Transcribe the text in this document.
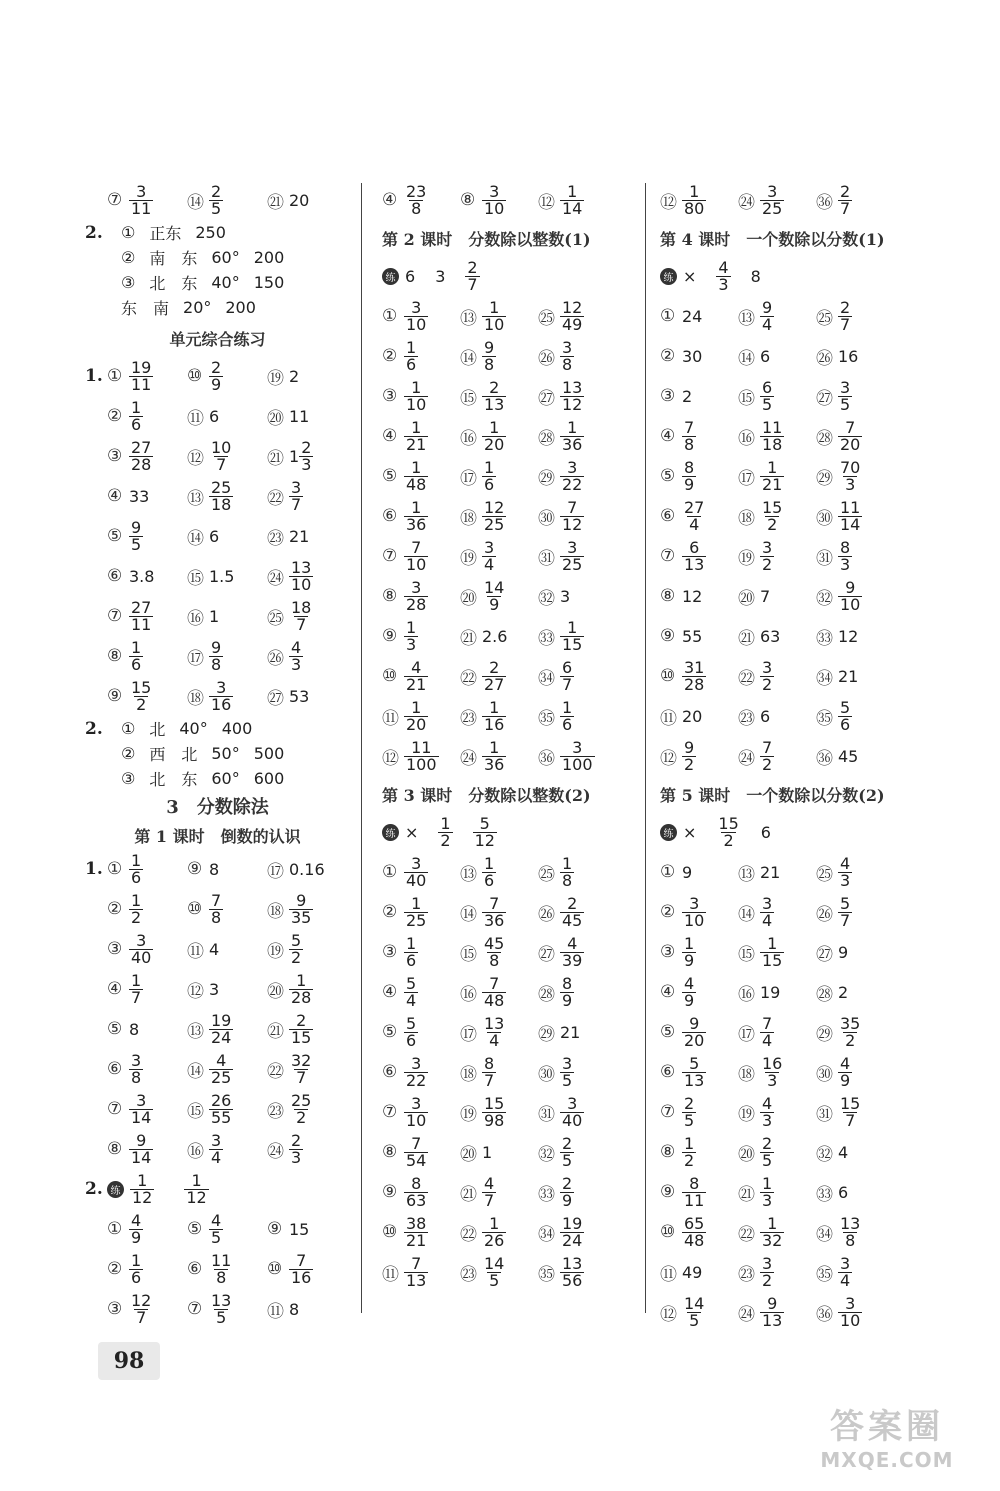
⑦ $\frac{3}{11}$ ⑭ $\frac{2}{5}$	㉑ 20
2. ① 正东 250
② 南　东 60° 200
③ 北　东 40° 150
东　南 20° 200
单元综合练习
1. ① $\frac{19}{11}$ ⑩ $\frac{2}{9}$	⑲ 2
② $\frac{1}{6}$	⑪ 6	⑳ 11
③ $\frac{27}{28}$ ⑫ $\frac{10}{7}$ ㉑ $1 \frac{2}{3}$
④ 33 ⑬ $\frac{25}{18}$ ㉒ $\frac{3}{7}$
⑤ $\frac{9}{5}$	⑭ 6	㉓ 21
⑥ 3.8 ⑮ 1.5 ㉔ $\frac{13}{10}$
⑦ $\frac{27}{11}$ ⑯ 1	㉕ $\frac{18}{7}$
⑧ $\frac{1}{6}$	⑰ $\frac{9}{8}$	㉖ $\frac{4}{3}$
⑨ $\frac{15}{2}$ ⑱ $\frac{3}{16}$ ㉗ 53
2. ① 北 40° 400
② 西　北 50° 500
③ 北　东 60° 600
3　分数除法
第 1 课时　倒数的认识
1. ① $\frac{1}{6}$	⑨ 8	⑰ 0.16
② $\frac{1}{2}$	⑩ $\frac{7}{8}$	⑱ $\frac{9}{35}$
③ $\frac{3}{40}$ ⑪ 4	⑲ $\frac{5}{2}$
④ $\frac{1}{7}$	⑫ 3	⑳ $\frac{1}{28}$
⑤ 8	⑬ $\frac{19}{24}$ ㉑ $\frac{2}{15}$
⑥ $\frac{3}{8}$	⑭ $\frac{4}{25}$ ㉒ $\frac{32}{7}$
⑦ $\frac{3}{14}$ ⑮ $\frac{26}{55}$ ㉓ $\frac{25}{2}$
⑧ $\frac{9}{14}$ ⑯ $\frac{3}{4}$	㉔ $\frac{2}{3}$
2. 练 $\frac{1}{12} \frac{1}{12}$
① $\frac{4}{9}$	⑤ $\frac{4}{5}$	⑨ 15
② $\frac{1}{6}$	⑥ $\frac{11}{8}$ ⑩ $\frac{7}{16}$
③ $\frac{12}{7}$ ⑦ $\frac{13}{5}$ ⑪ 8
④ $\frac{23}{8}$ ⑧ $\frac{3}{10}$ ⑫ $\frac{1}{14}$
第 2 课时　分数除以整数(1)
练 6 $3 \frac{2}{7}$
① $\frac{3}{10}$ ⑬ $\frac{1}{10}$ ㉕ $\frac{12}{49}$
② $\frac{1}{6}$ ⑭ $\frac{9}{8}$ ㉖ $\frac{3}{8}$
③ $\frac{1}{10}$ ⑮ $\frac{2}{13}$ ㉗ $\frac{13}{12}$
④ $\frac{1}{21}$ ⑯ $\frac{1}{20}$ ㉘ $\frac{1}{36}$
⑤ $\frac{1}{48}$ ⑰ $\frac{1}{6}$ ㉙ $\frac{3}{22}$
⑥ $\frac{1}{36}$ ⑱ $\frac{12}{25}$ ㉚ $\frac{7}{12}$
⑦ $\frac{7}{10}$ ⑲ $\frac{3}{4}$ ㉛ $\frac{3}{25}$
⑧ $\frac{3}{28}$ ⑳ $\frac{14}{9}$ ㉜ 3
⑨ $\frac{1}{3}$ ㉑ 2.6 ㉝ $\frac{1}{15}$
⑩ $\frac{4}{21}$ ㉒ $\frac{2}{27}$ ㉞ $\frac{6}{7}$
⑪ $\frac{1}{20}$ ㉓ $\frac{1}{16}$ ㉟ $\frac{1}{6}$
⑫ $\frac{11}{100}$ ㉔ $\frac{1}{36}$ ㊱ $\frac{3}{100}$
第 3 课时　分数除以整数(2)
练 × $\frac{1}{2} \frac{5}{12}$
① $\frac{3}{40}$ ⑬ $\frac{1}{6}$ ㉕ $\frac{1}{8}$
② $\frac{1}{25}$ ⑭ $\frac{7}{36}$ ㉖ $\frac{2}{45}$
③ $\frac{1}{6}$ ⑮ $\frac{45}{8}$ ㉗ $\frac{4}{39}$
④ $\frac{5}{4}$ ⑯ $\frac{7}{48}$ ㉘ $\frac{8}{9}$
⑤ $\frac{5}{6}$ ⑰ $\frac{13}{4}$ ㉙ 21
⑥ $\frac{3}{22}$ ⑱ $\frac{8}{7}$ ㉚ $\frac{3}{5}$
⑦ $\frac{3}{10}$ ⑲ $\frac{15}{98}$ ㉛ $\frac{3}{40}$
⑧ $\frac{7}{54}$ ⑳ 1	㉜ $\frac{2}{5}$
⑨ $\frac{8}{63}$ ㉑ $\frac{4}{7}$ ㉝ $\frac{2}{9}$
⑩ $\frac{38}{21}$ ㉒ $\frac{1}{26}$ ㉞ $\frac{19}{24}$
⑪ $\frac{7}{13}$ ㉓ $\frac{14}{5}$ ㉟ $\frac{13}{56}$
⑫ $\frac{1}{80}$ ㉔ $\frac{3}{25}$ ㊱ $\frac{2}{7}$
第 4 课时　一个数除以分数(1)
练 × $\frac{4}{3} 8$
① 24 ⑬ $\frac{9}{4}$ ㉕ $\frac{2}{7}$
② 30 ⑭ 6	㉖ 16
③ 2	⑮ $\frac{6}{5}$ ㉗ $\frac{3}{5}$
④ $\frac{7}{8}$ ⑯ $\frac{11}{18}$ ㉘ $\frac{7}{20}$
⑤ $\frac{8}{9}$ ⑰ $\frac{1}{21}$ ㉙ $\frac{70}{3}$
⑥ $\frac{27}{4}$ ⑱ $\frac{15}{2}$ ㉚ $\frac{11}{14}$
⑦ $\frac{6}{13}$ ⑲ $\frac{3}{2}$ ㉛ $\frac{8}{3}$
⑧ 12 ⑳ 7	㉜ $\frac{9}{10}$
⑨ 55 ㉑ 63 ㉝ 12
⑩ $\frac{31}{28}$ ㉒ $\frac{3}{2}$ ㉞ 21
⑪ 20 ㉓ 6	㉟ $\frac{5}{6}$
⑫ $\frac{9}{2}$ ㉔ $\frac{7}{2}$ ㊱ 45
第 5 课时　一个数除以分数(2)
练 × $\frac{15}{2} 6$
① 9	⑬ 21 ㉕ $\frac{4}{3}$
② $\frac{3}{10}$ ⑭ $\frac{3}{4}$ ㉖ $\frac{5}{7}$
③ $\frac{1}{9}$ ⑮ $\frac{1}{15}$ ㉗ 9
④ $\frac{4}{9}$ ⑯ 19 ㉘ 2
⑤ $\frac{9}{20}$ ⑰ $\frac{7}{4}$ ㉙ $\frac{35}{2}$
⑥ $\frac{5}{13}$ ⑱ $\frac{16}{3}$ ㉚ $\frac{4}{9}$
⑦ $\frac{2}{5}$ ⑲ $\frac{4}{3}$ ㉛ $\frac{15}{7}$
⑧ $\frac{1}{2}$ ⑳ $\frac{2}{5}$ ㉜ 4
⑨ $\frac{8}{11}$ ㉑ $\frac{1}{3}$ ㉝ 6
⑩ $\frac{65}{48}$ ㉒ $\frac{1}{32}$ ㉞ $\frac{13}{8}$
⑪ 49 ㉓ $\frac{3}{2}$ ㉟ $\frac{3}{4}$
⑫ $\frac{14}{5}$ ㉔ $\frac{9}{13}$ ㊱ $\frac{3}{10}$
98
答案圈
MXQE.COM
